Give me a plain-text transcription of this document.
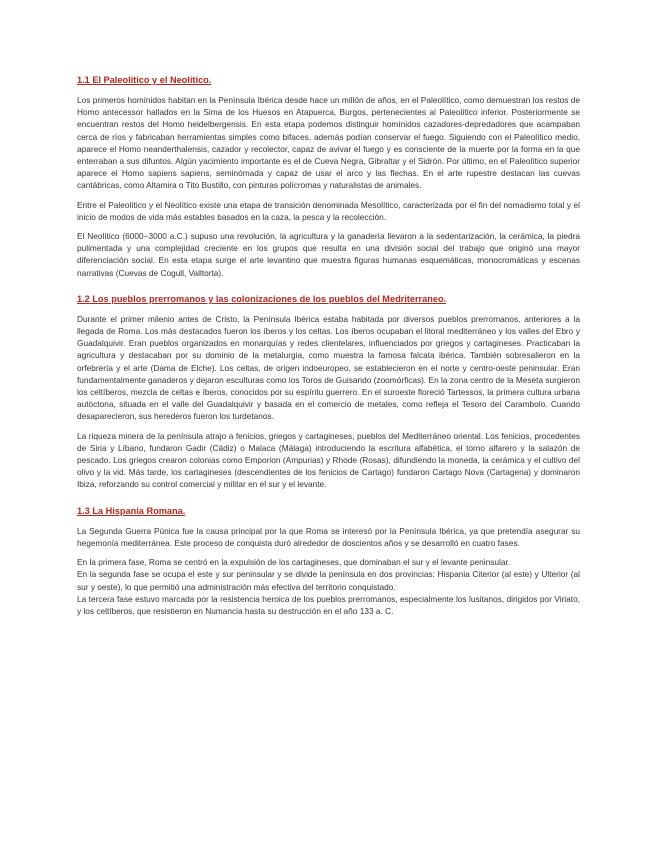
1.1 El Paleolítico y el Neolítico.

Los primeros homínidos habitan en la Península Ibérica desde hace un millón de años, en el Paleolítico, como demuestran los restos de Homo antecessor hallados en la Sima de los Huesos en Atapuerca, Burgos, pertenecientes al Paleolítico inferior. Posteriormente se encuentran restos del Homo heidelbergensis. En esta etapa podemos distinguir homínidos cazadores-depredadores que acampaban cerca de ríos y fabricaban herramientas simples como bifaces, además podían conservar el fuego. Siguiendo con el Paleolítico medio, aparece el Homo neanderthalensis, cazador y recolector, capaz de avivar el fuego y es consciente de la muerte por la forma en la que enterraban a sus difuntos. Algún yacimiento importante es el de Cueva Negra, Gibraltar y el Sidrón. Por último, en el Paleolítico superior aparece el Homo sapiens sapiens, seminómada y capaz de usar el arco y las flechas. En el arte rupestre destacan las cuevas cantábricas, como Altamira o Tito Bustillo, con pinturas polícromas y naturalistas de animales.

Entre el Paleolítico y el Neolítico existe una etapa de transición denominada Mesolítico, caracterizada por el fin del nomadismo total y el inicio de modos de vida más estables basados en la caza, la pesca y la recolección.

El Neolítico (6000−3000 a.C.) supuso una revolución, la agricultura y la ganadería llevaron a la sedentarización, la cerámica, la piedra pulimentada y una complejidad creciente en los grupos que resulta en una división social del trabajo que originó una mayor diferenciación social. En esta etapa surge el arte levantino que muestra figuras humanas esquemáticas, monocromáticas y escenas narrativas (Cuevas de Cogull, Valltorta).

1.2 Los pueblos prerromanos y las colonizaciones de los pueblos del Medriterraneo.

Durante el primer milenio antes de Cristo, la Península Ibérica estaba habitada por diversos pueblos prerromanos, anteriores a la llegada de Roma. Los más destacados fueron los íberos y los celtas. Los íberos ocupaban el litoral mediterráneo y los valles del Ebro y Guadalquivir. Eran pueblos organizados en monarquías y redes clientelares, influenciados por griegos y cartagineses. Practicaban la agricultura y destacaban por su dominio de la metalurgia, como muestra la famosa falcata ibérica. También sobresalieron en la orfebrería y el arte (Dama de Elche). Los celtas, de origen indoeuropeo, se establecieron en el norte y centro-oeste peninsular. Eran fundamentalmente ganaderos y dejaron esculturas como los Toros de Guisando (zoomórficas). En la zona centro de la Meseta surgieron los celtíberos, mezcla de celtas e íberos, conocidos por su espíritu guerrero. En el suroeste floreció Tartessos, la primera cultura urbana autóctona, situada en el valle del Guadalquivir y basada en el comercio de metales, como refleja el Tesoro del Carambolo. Cuando desaparecieron, sus herederos fueron los turdetanos.

La riqueza minera de la península atrajo a fenicios, griegos y cartagineses, pueblos del Mediterráneo oriental. Los fenicios, procedentes de Siria y Líbano, fundaron Gadir (Cádiz) o Malaca (Málaga) introduciendo la escritura alfabética, el torno alfarero y la salazón de pescado. Los griegos crearon colonias como Emporion (Ampurias) y Rhode (Rosas), difundiendo la moneda, la cerámica y el cultivo del olivo y la vid. Más tarde, los cartagineses (descendientes de los fenicios de Cartago) fundaron Cartago Nova (Cartagena) y dominaron Ibiza, reforzando su control comercial y militar en el sur y el levante.

1.3 La Hispania Romana.

La Segunda Guerra Púnica fue la causa principal por la que Roma se interesó por la Península Ibérica, ya que pretendía asegurar su hegemonía mediterránea. Este proceso de conquista duró alrededor de doscientos años y se desarrolló en cuatro fases.

En la primera fase, Roma se centró en la expulsión de los cartagineses, que dominaban el sur y el levante peninsular.

En la segunda fase se ocupa el este y sur peninsular y se divide la península en dos provincias: Hispania Citerior (al este) y Ulterior (al sur y oeste), lo que permitió una administración más efectiva del territorio conquistado.

La tercera fase estuvo marcada por la resistencia heroica de los pueblos prerromanos, especialmente los lusitanos, dirigidos por Viriato, y los celtíberos, que resistieron en Numancia hasta su destrucción en el año 133 a. C.
